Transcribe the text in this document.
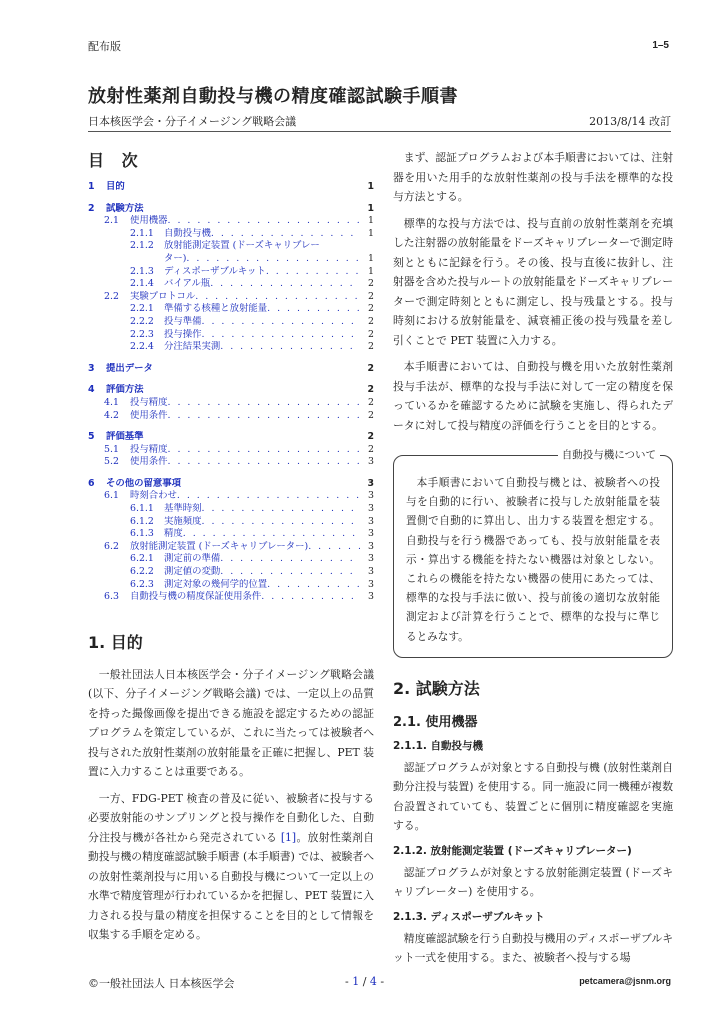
配布版	1–5
放射性薬剤自動投与機の精度確認試験手順書
日本核医学会・分子イメージング戦略会議	2013/8/14 改訂
目 次
1	目的	1
2	試験方法	1
2.1	使用機器 . . .	1
2.1.1	自動投与機 . . .	1
2.1.2	放射能測定装置 (ドーズキャリブレー
ター) . . .	1
2.1.3	ディスポーザブルキット . . .	1
2.1.4	バイアル瓶 . . .	2
2.2	実験プロトコル . . .	2
2.2.1	準備する核種と放射能量 . . .	2
2.2.2	投与準備 . . .	2
2.2.3	投与操作 . . .	2
2.2.4	分注結果実測 . . .	2
3	提出データ	2
4	評価方法	2
4.1	投与精度 . . .	2
4.2	使用条件 . . .	2
5	評価基準	2
5.1	投与精度 . . .	2
5.2	使用条件 . . .	3
6	その他の留意事項	3
6.1	時刻合わせ . . .	3
6.1.1	基準時刻 . . .	3
6.1.2	実施頻度 . . .	3
6.1.3	精度 . . .	3
6.2	放射能測定装置 (ドーズキャリブレーター) . . .	3
6.2.1	測定前の準備 . . .	3
6.2.2	測定値の変動 . . .	3
6.2.3	測定対象の幾何学的位置 . . .	3
6.3	自動投与機の精度保証使用条件 . . .	3
1. 目的

一般社団法人日本核医学会・分子イメージング戦略会議 (以下、分子イメージング戦略会議) では、一定以上の品質を持った撮像画像を提出できる施設を認定するための認証プログラムを策定しているが、これに当たっては被験者へ投与された放射性薬剤の放射能量を正確に把握し、PET 装置に入力することは重要である。

一方、FDG-PET 検査の普及に従い、被験者に投与する必要放射能のサンプリングと投与操作を自動化した、自動分注投与機が各社から発売されている [1]。放射性薬剤自動投与機の精度確認試験手順書 (本手順書) では、被験者への放射性薬剤投与に用いる自動投与機について一定以上の水準で精度管理が行われているかを把握し、PET 装置に入力される投与量の精度を担保することを目的として情報を収集する手順を定める。

まず、認証プログラムおよび本手順書においては、注射器を用いた用手的な放射性薬剤の投与手法を標準的な投与方法とする。

標準的な投与方法では、投与直前の放射性薬剤を充填した注射器の放射能量をドーズキャリブレーターで測定時刻とともに記録を行う。その後、投与直後に抜針し、注射器を含めた投与ルートの放射能量をドーズキャリブレーターで測定時刻とともに測定し、投与残量とする。投与時刻における放射能量を、減衰補正後の投与残量を差し引くことで PET 装置に入力する。

本手順書においては、自動投与機を用いた放射性薬剤投与手法が、標準的な投与手法に対して一定の精度を保っているかを確認するために試験を実施し、得られたデータに対して投与精度の評価を行うことを目的とする。

自動投与機について

本手順書において自動投与機とは、被験者への投与を自動的に行い、被験者に投与した放射能量を装置側で自動的に算出し、出力する装置を想定する。自動投与を行う機器であっても、投与放射能量を表示・算出する機能を持たない機器は対象としない。これらの機能を持たない機器の使用にあたっては、標準的な投与手法に倣い、投与前後の適切な放射能測定および計算を行うことで、標準的な投与に準じるとみなす。

2. 試験方法
2.1. 使用機器
2.1.1. 自動投与機

認証プログラムが対象とする自動投与機 (放射性薬剤自動分注投与装置) を使用する。同一施設に同一機種が複数台設置されていても、装置ごとに個別に精度確認を実施する。

2.1.2. 放射能測定装置 (ドーズキャリブレーター)

認証プログラムが対象とする放射能測定装置 (ドーズキャリブレーター) を使用する。

2.1.3. ディスポーザブルキット

精度確認試験を行う自動投与機用のディスポーザブルキット一式を使用する。また、被験者へ投与する場

©一般社団法人 日本核医学会	- 1 / 4 -	petcamera@jsnm.org
